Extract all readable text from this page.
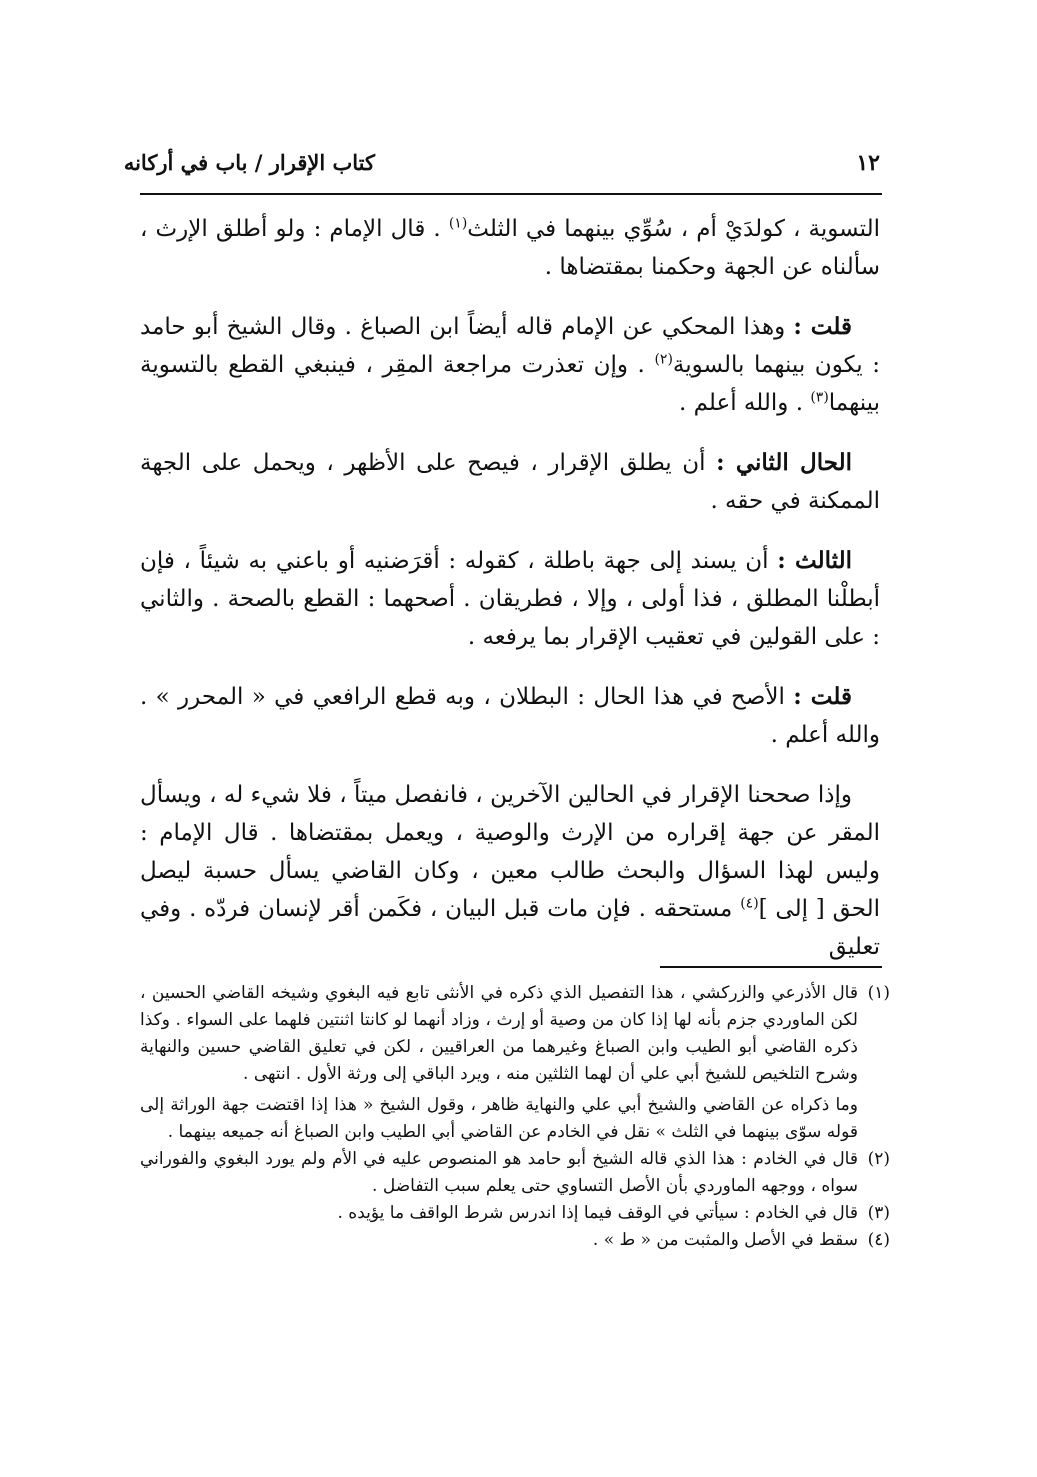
١٢
كتاب الإقرار / باب في أركانه

التسوية ، كولدَيْ أم ، سُوِّي بينهما في الثلث$^{(١)}$ . قال الإمام : ولو أطلق الإرث ، سألناه عن الجهة وحكمنا بمقتضاها .

قلت : وهذا المحكي عن الإمام قاله أيضاً ابن الصباغ . وقال الشيخ أبو حامد : يكون بينهما بالسوية$^{(٢)}$ . وإن تعذرت مراجعة المقِر ، فينبغي القطع بالتسوية بينهما$^{(٣)}$ . والله أعلم .

الحال الثاني : أن يطلق الإقرار ، فيصح على الأظهر ، ويحمل على الجهة الممكنة في حقه .

الثالث : أن يسند إلى جهة باطلة ، كقوله : أقرَضنيه أو باعني به شيئاً ، فإن أبطلْنا المطلق ، فذا أولى ، وإلا ، فطريقان . أصحهما : القطع بالصحة . والثاني : على القولين في تعقيب الإقرار بما يرفعه .

قلت : الأصح في هذا الحال : البطلان ، وبه قطع الرافعي في « المحرر » . والله أعلم .

وإذا صححنا الإقرار في الحالين الآخرين ، فانفصل ميتاً ، فلا شيء له ، ويسأل المقر عن جهة إقراره من الإرث والوصية ، ويعمل بمقتضاها . قال الإمام : وليس لهذا السؤال والبحث طالب معين ، وكان القاضي يسأل حسبة ليصل الحق [ إلى ]$^{(٤)}$ مستحقه . فإن مات قبل البيان ، فكَمن أقر لإنسان فردّه . وفي تعليق

(١)
قال الأذرعي والزركشي ، هذا التفصيل الذي ذكره في الأنثى تابع فيه البغوي وشيخه القاضي الحسين ، لكن الماوردي جزم بأنه لها إذا كان من وصية أو إرث ، وزاد أنهما لو كانتا اثنتين فلهما على السواء . وكذا ذكره القاضي أبو الطيب وابن الصباغ وغيرهما من العراقيين ، لكن في تعليق القاضي حسين والنهاية وشرح التلخيص للشيخ أبي علي أن لهما الثلثين منه ، ويرد الباقي إلى ورثة الأول . انتهى .
وما ذكراه عن القاضي والشيخ أبي علي والنهاية ظاهر ، وقول الشيخ « هذا إذا اقتضت جهة الوراثة إلى قوله سوّى بينهما في الثلث » نقل في الخادم عن القاضي أبي الطيب وابن الصباغ أنه جميعه بينهما .
(٢)
قال في الخادم : هذا الذي قاله الشيخ أبو حامد هو المنصوص عليه في الأم ولم يورد البغوي والفوراني سواه ، ووجهه الماوردي بأن الأصل التساوي حتى يعلم سبب التفاضل .
(٣)
قال في الخادم : سيأتي في الوقف فيما إذا اندرس شرط الواقف ما يؤيده .
(٤)
سقط في الأصل والمثبت من « ط » .
